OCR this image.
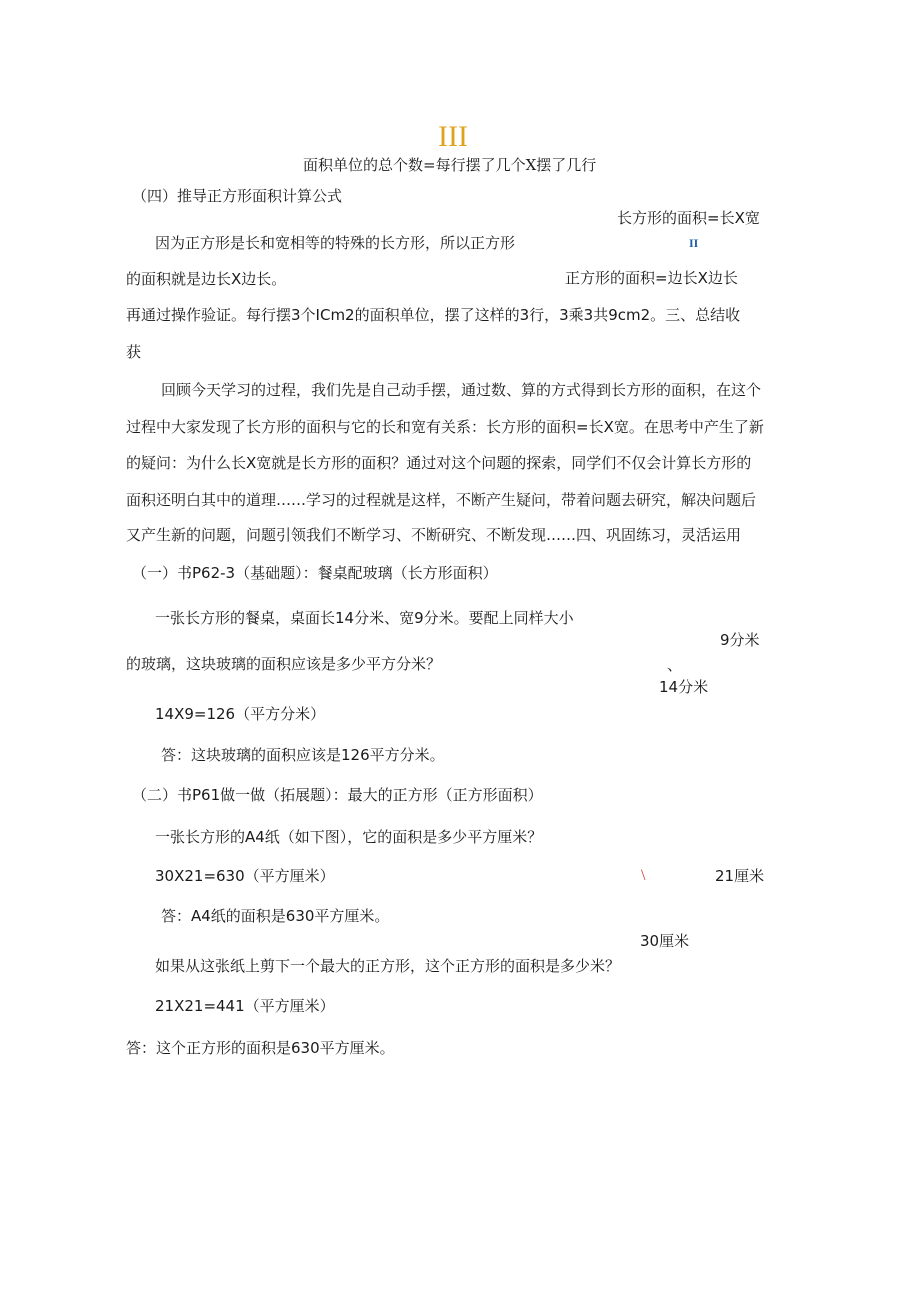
III
面积单位的总个数=每行摆了几个X摆了几行
（四）推导正方形面积计算公式
长方形的面积=长X宽
II
因为正方形是长和宽相等的特殊的长方形，所以正方形
的面积就是边长X边长。	正方形的面积=边长X边长
再通过操作验证。每行摆3个ICm2的面积单位，摆了这样的3行，3乘3共9cm2。三、总结收
获
回顾今天学习的过程，我们先是自己动手摆，通过数、算的方式得到长方形的面积，在这个
过程中大家发现了长方形的面积与它的长和宽有关系：长方形的面积=长X宽。在思考中产生了新
的疑问：为什么长X宽就是长方形的面积？通过对这个问题的探索，同学们不仅会计算长方形的
面积还明白其中的道理……学习的过程就是这样，不断产生疑问，带着问题去研究，解决问题后
又产生新的问题，问题引领我们不断学习、不断研究、不断发现……四、巩固练习，灵活运用
（一）书P62-3（基础题）：餐桌配玻璃（长方形面积）
一张长方形的餐桌，桌面长14分米、宽9分米。要配上同样大小
9分米
的玻璃，这块玻璃的面积应该是多少平方分米？	、
14分米
14X9=126（平方分米）
答：这块玻璃的面积应该是126平方分米。
（二）书P61做一做（拓展题）：最大的正方形（正方形面积）
一张长方形的A4纸（如下图），它的面积是多少平方厘米？
30X21=630（平方厘米）	\	21厘米
答：A4纸的面积是630平方厘米。
30厘米
如果从这张纸上剪下一个最大的正方形，这个正方形的面积是多少米？
21X21=441（平方厘米）
答：这个正方形的面积是630平方厘米。
